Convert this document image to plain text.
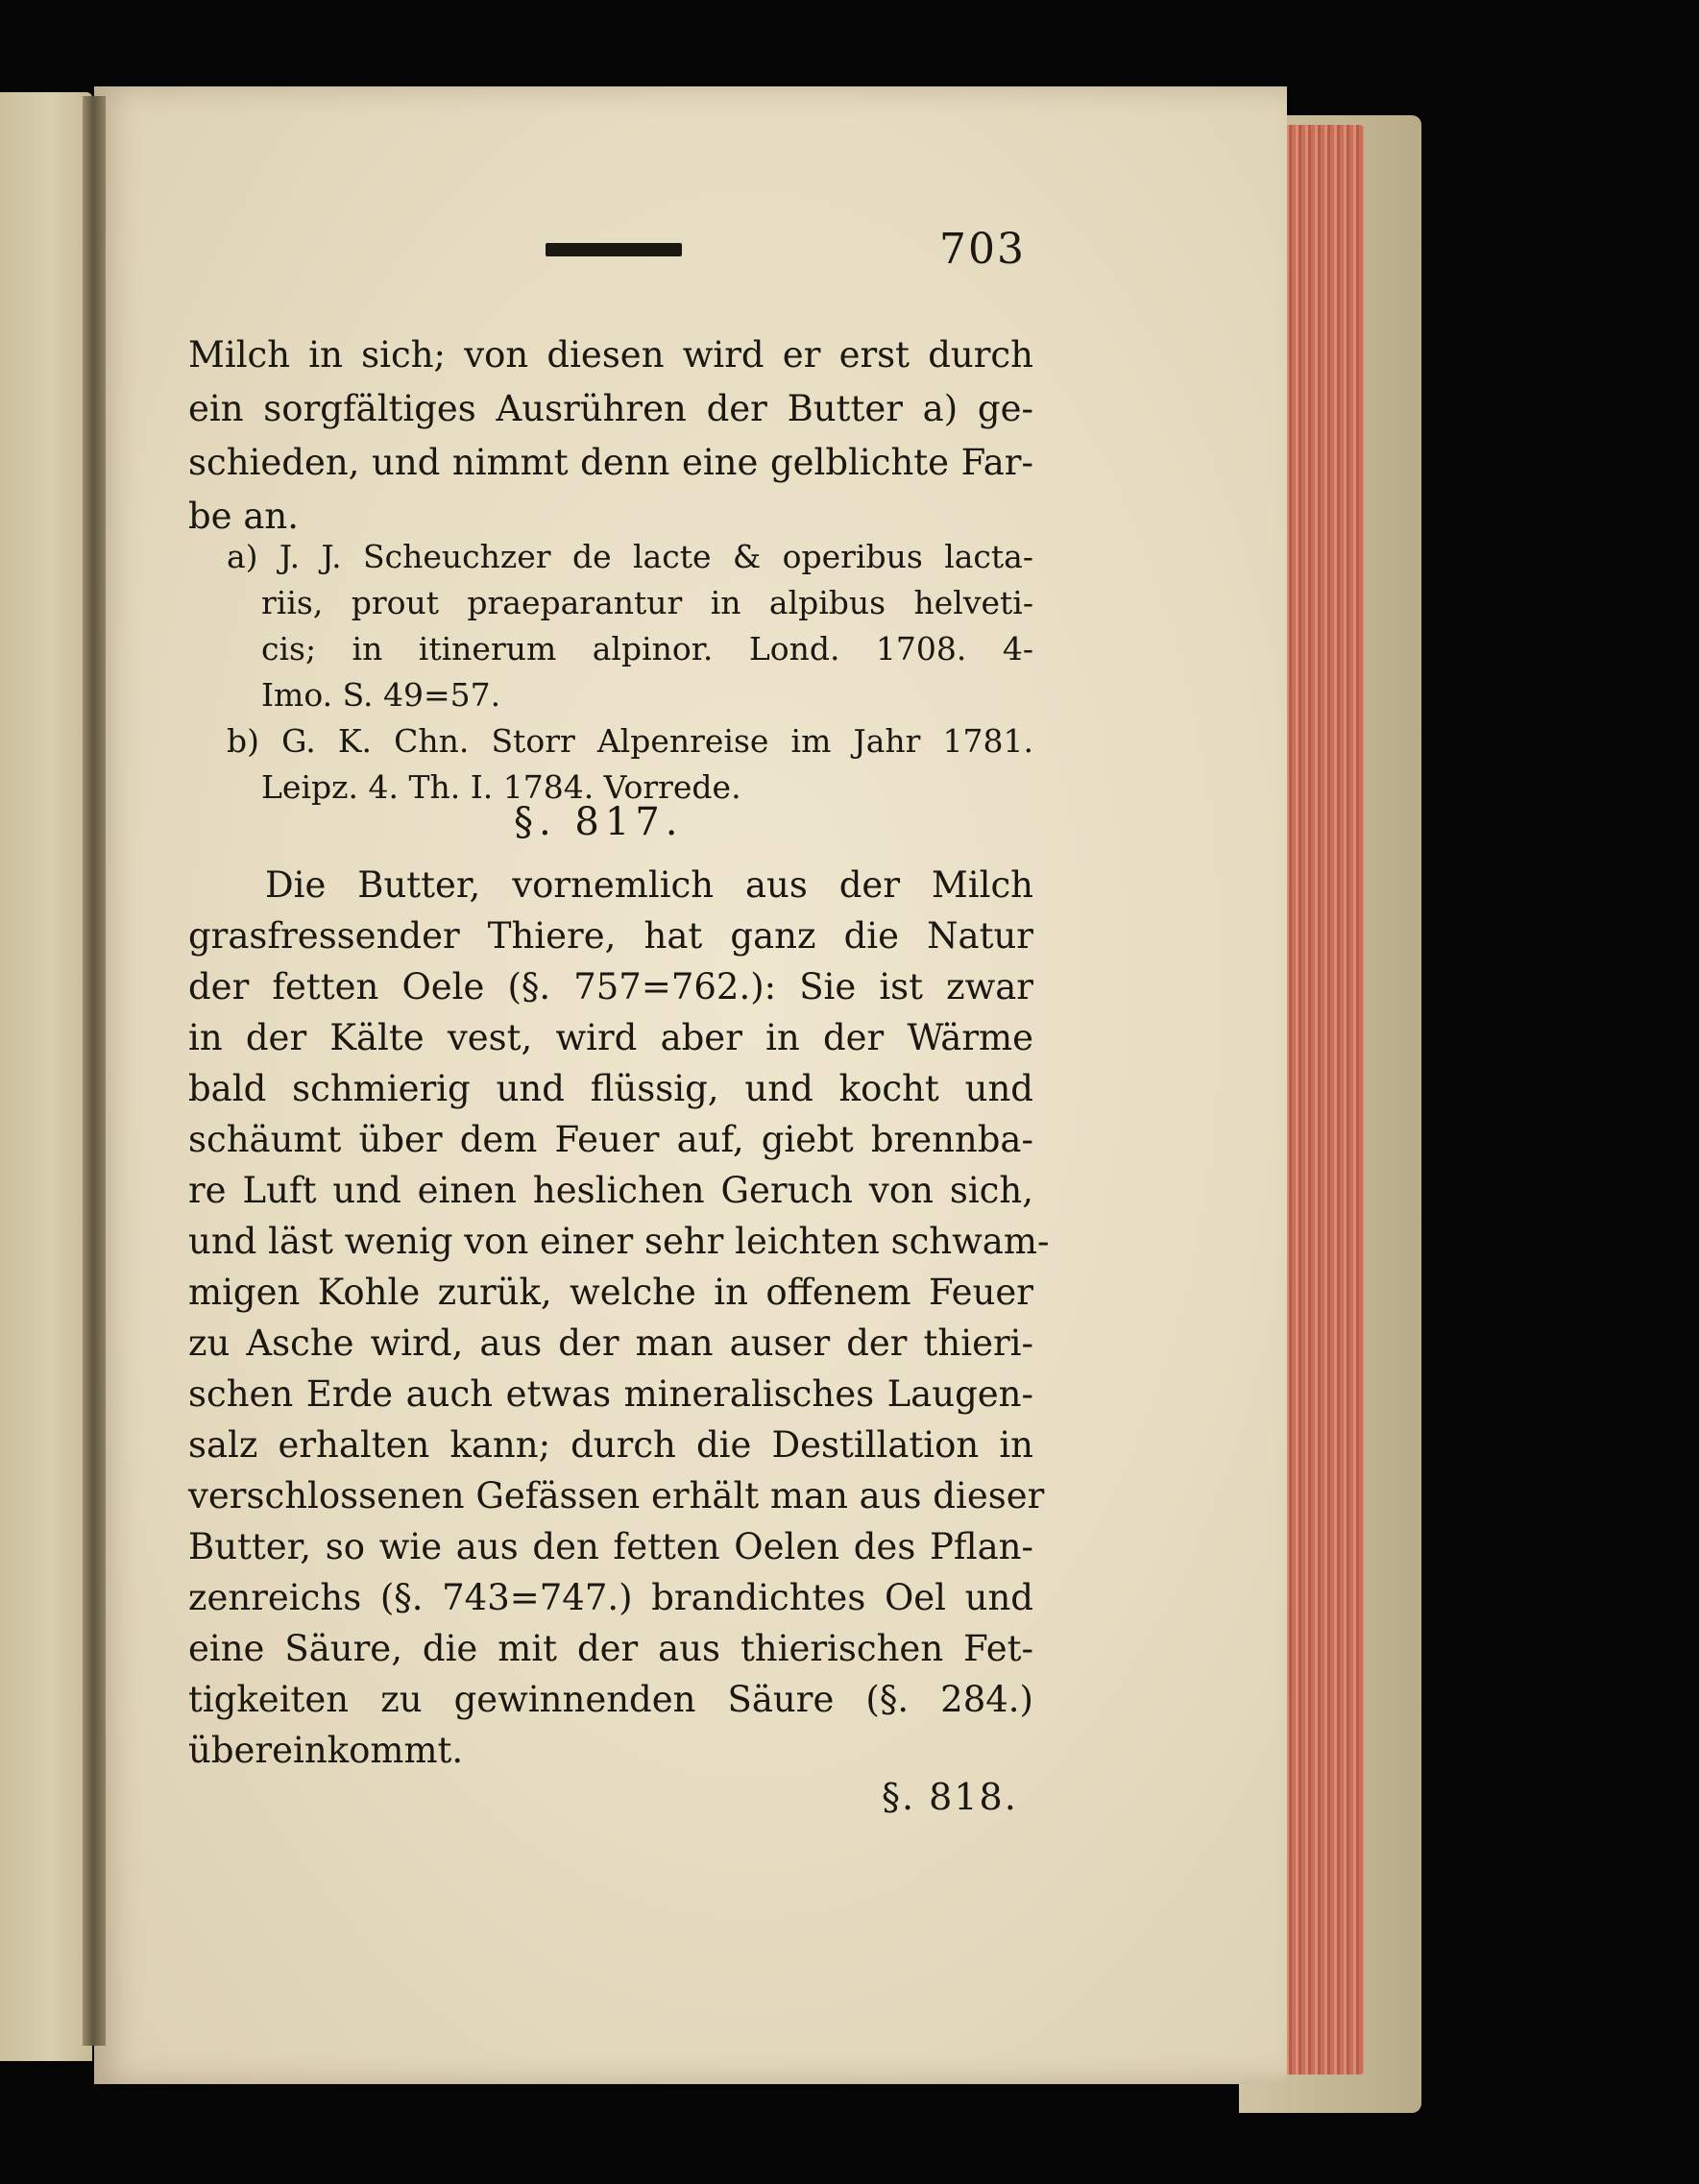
703
Milch in sich; von diesen wird er erst durch
ein sorgfältiges Ausrühren der Butter a) ge-
schieden, und nimmt denn eine gelblichte Far-
be an.
a) J. J. Scheuchzer de lacte & operibus lacta-
riis, prout praeparantur in alpibus helveti-
cis; in itinerum alpinor. Lond. 1708. 4-
Imo. S. 49=57.
b) G. K. Chn. Storr Alpenreise im Jahr 1781.
Leipz. 4. Th. I. 1784. Vorrede.
§. 817.
Die Butter, vornemlich aus der Milch
grasfressender Thiere, hat ganz die Natur
der fetten Oele (§. 757=762.): Sie ist zwar
in der Kälte vest, wird aber in der Wärme
bald schmierig und flüssig, und kocht und
schäumt über dem Feuer auf, giebt brennba-
re Luft und einen heslichen Geruch von sich,
und läst wenig von einer sehr leichten schwam-
migen Kohle zurük, welche in offenem Feuer
zu Asche wird, aus der man auser der thieri-
schen Erde auch etwas mineralisches Laugen-
salz erhalten kann; durch die Destillation in
verschlossenen Gefässen erhält man aus dieser
Butter, so wie aus den fetten Oelen des Pflan-
zenreichs (§. 743=747.) brandichtes Oel und
eine Säure, die mit der aus thierischen Fet-
tigkeiten zu gewinnenden Säure (§. 284.)
übereinkommt.
§. 818.
